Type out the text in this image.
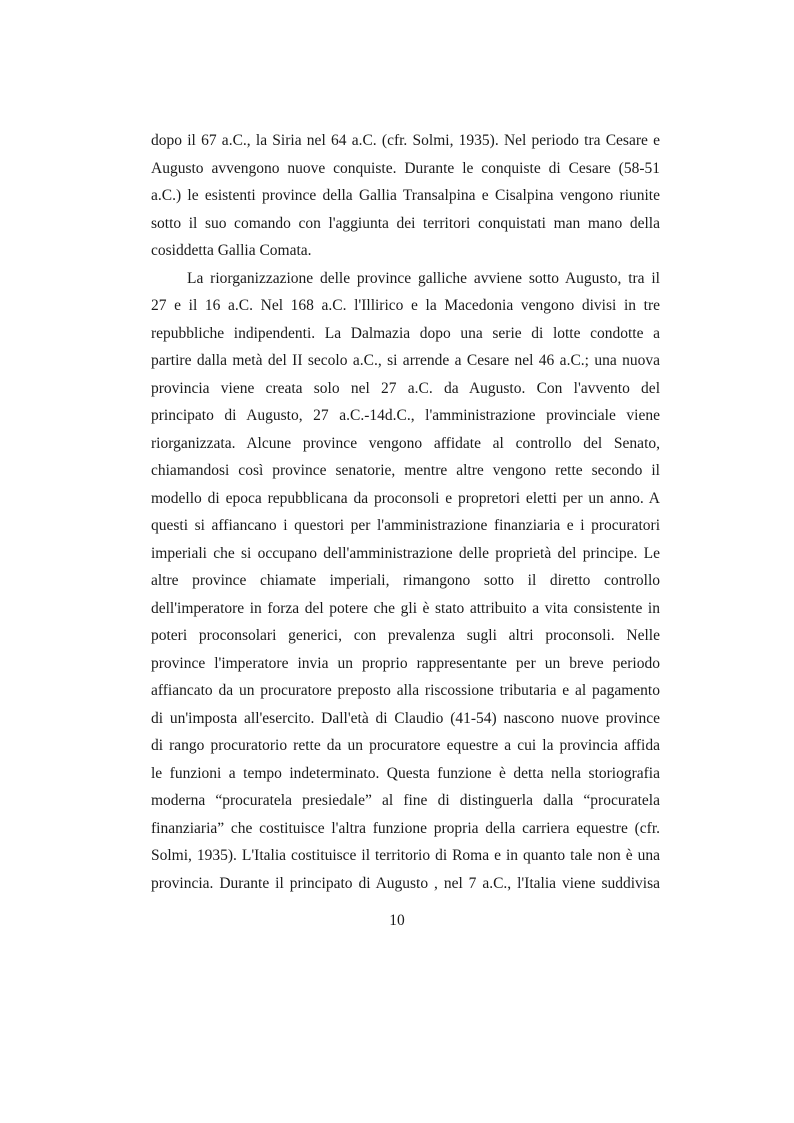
dopo il 67 a.C., la Siria nel 64 a.C. (cfr. Solmi, 1935). Nel periodo tra Cesare e
Augusto avvengono nuove conquiste. Durante le conquiste di Cesare (58-51
a.C.) le esistenti province della Gallia Transalpina e Cisalpina vengono riunite
sotto il suo comando con l'aggiunta dei territori conquistati man mano della
cosiddetta Gallia Comata.
La riorganizzazione delle province galliche avviene sotto Augusto, tra il
27 e il 16 a.C. Nel 168 a.C. l'Illirico e la Macedonia vengono divisi in tre
repubbliche indipendenti. La Dalmazia dopo una serie di lotte condotte a
partire dalla metà del II secolo a.C., si arrende a Cesare nel 46 a.C.; una nuova
provincia viene creata solo nel 27 a.C. da Augusto. Con l'avvento del
principato di Augusto, 27 a.C.-14d.C., l'amministrazione provinciale viene
riorganizzata. Alcune province vengono affidate al controllo del Senato,
chiamandosi così province senatorie, mentre altre vengono rette secondo il
modello di epoca repubblicana da proconsoli e propretori eletti per un anno. A
questi si affiancano i questori per l'amministrazione finanziaria e i procuratori
imperiali che si occupano dell'amministrazione delle proprietà del principe. Le
altre province chiamate imperiali, rimangono sotto il diretto controllo
dell'imperatore in forza del potere che gli è stato attribuito a vita consistente in
poteri proconsolari generici, con prevalenza sugli altri proconsoli. Nelle
province l'imperatore invia un proprio rappresentante per un breve periodo
affiancato da un procuratore preposto alla riscossione tributaria e al pagamento
di un'imposta all'esercito. Dall'età di Claudio (41-54) nascono nuove province
di rango procuratorio rette da un procuratore equestre a cui la provincia affida
le funzioni a tempo indeterminato. Questa funzione è detta nella storiografia
moderna “procuratela presiedale” al fine di distinguerla dalla “procuratela
finanziaria” che costituisce l'altra funzione propria della carriera equestre (cfr.
Solmi, 1935). L'Italia costituisce il territorio di Roma e in quanto tale non è una
provincia. Durante il principato di Augusto , nel 7 a.C., l'Italia viene suddivisa
10
